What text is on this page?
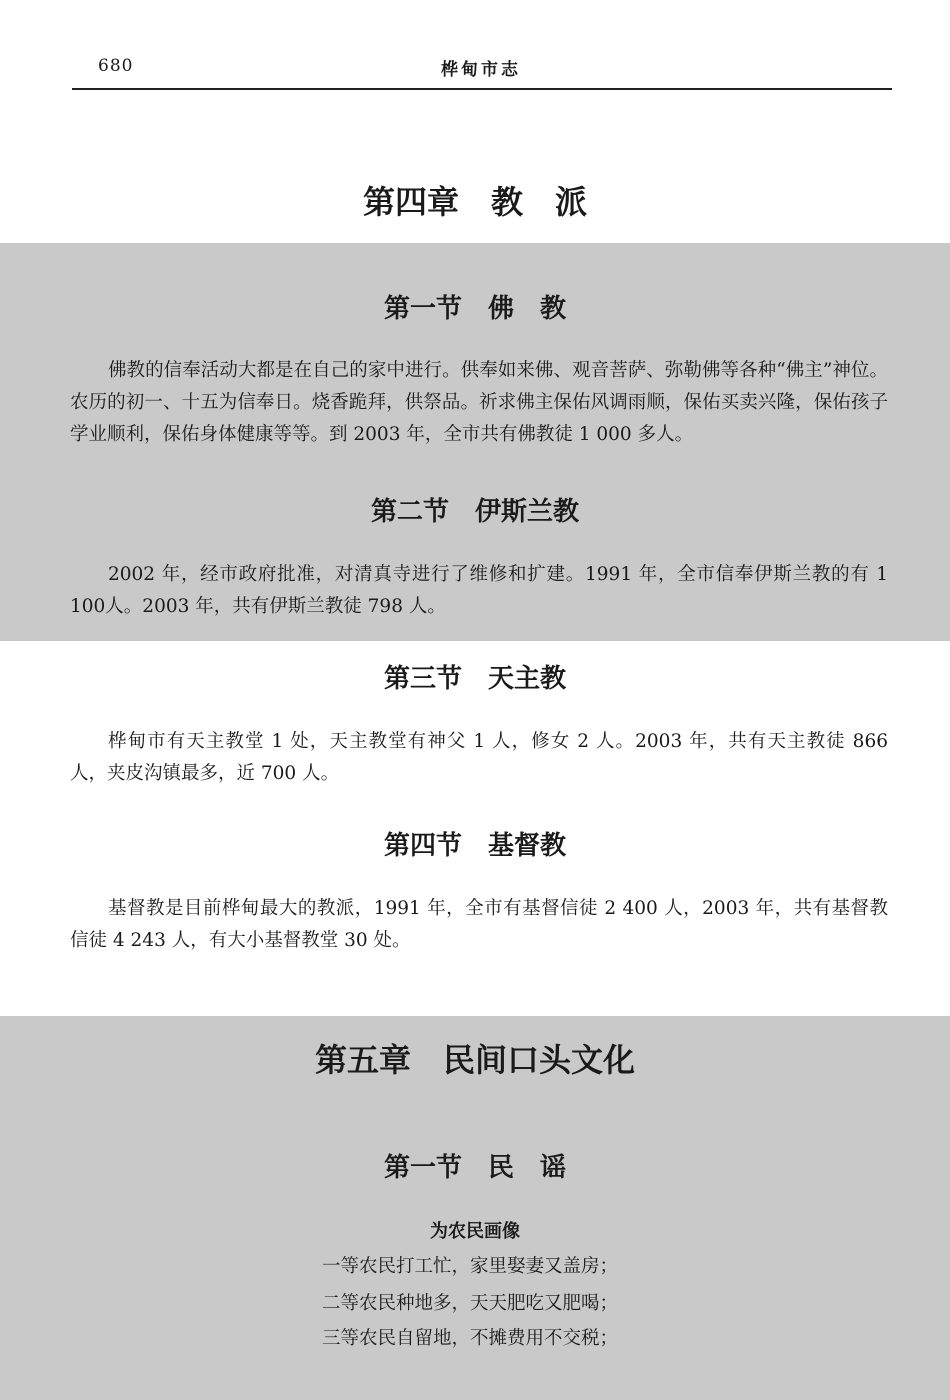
680	桦甸市志
第四章　教　派
第一节　佛　教
佛教的信奉活动大都是在自己的家中进行。供奉如来佛、观音菩萨、弥勒佛等各种“佛主”神位。农历的初一、十五为信奉日。烧香跪拜，供祭品。祈求佛主保佑风调雨顺，保佑买卖兴隆，保佑孩子学业顺利，保佑身体健康等等。到 2003 年，全市共有佛教徒 1 000 多人。
第二节　伊斯兰教
2002 年，经市政府批准，对清真寺进行了维修和扩建。1991 年，全市信奉伊斯兰教的有 1 100人。2003 年，共有伊斯兰教徒 798 人。
第三节　天主教
桦甸市有天主教堂 1 处，天主教堂有神父 1 人，修女 2 人。2003 年，共有天主教徒 866 人，夹皮沟镇最多，近 700 人。
第四节　基督教
基督教是目前桦甸最大的教派，1991 年，全市有基督信徒 2 400 人，2003 年，共有基督教信徒 4 243 人，有大小基督教堂 30 处。
第五章　民间口头文化
第一节　民　谣
为农民画像
一等农民打工忙，家里娶妻又盖房；
二等农民种地多，天天肥吃又肥喝；
三等农民自留地，不摊费用不交税；
